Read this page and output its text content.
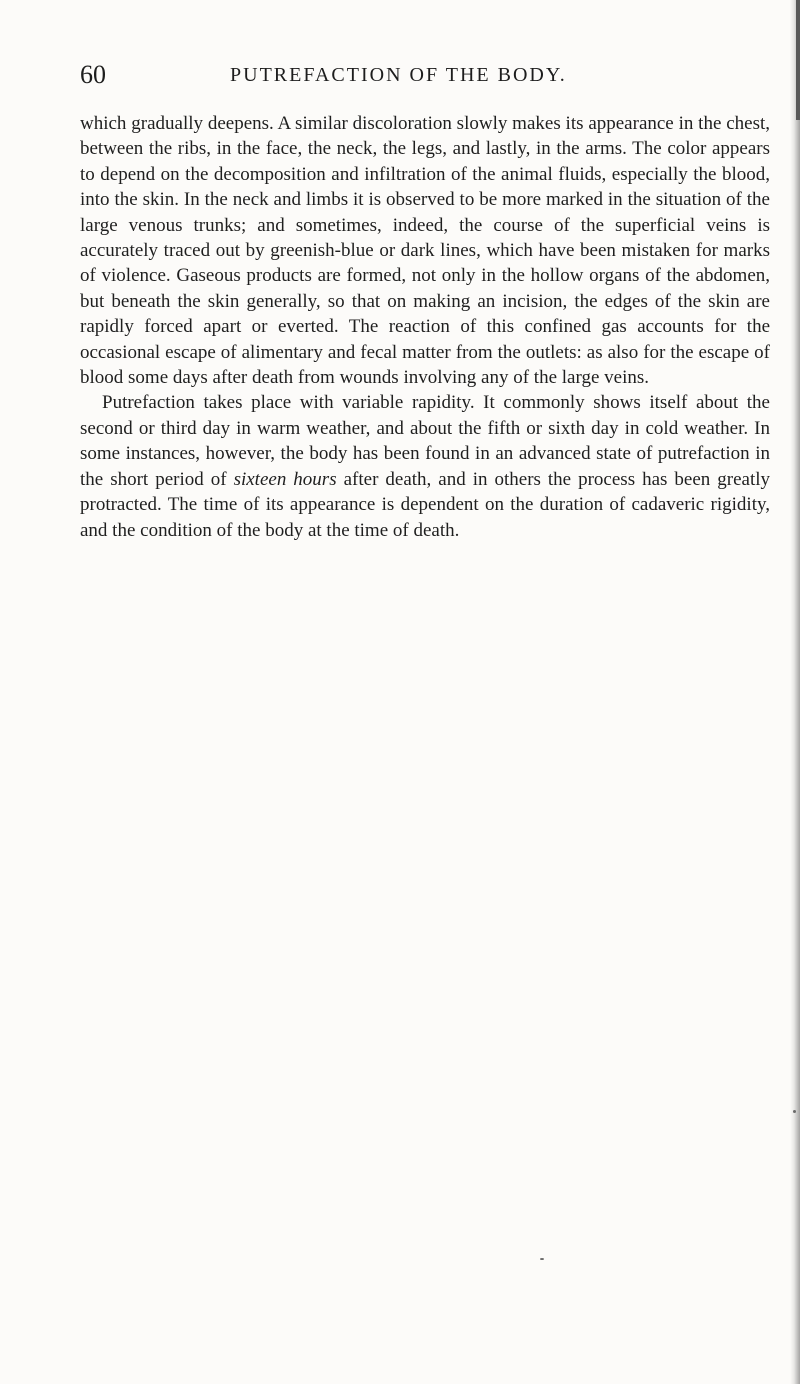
60	PUTREFACTION OF THE BODY.

which gradually deepens. A similar discoloration slowly makes its appearance in the chest, between the ribs, in the face, the neck, the legs, and lastly, in the arms. The color appears to depend on the decomposition and infiltration of the animal fluids, especially the blood, into the skin. In the neck and limbs it is observed to be more marked in the situation of the large venous trunks; and sometimes, indeed, the course of the superficial veins is accurately traced out by greenish-blue or dark lines, which have been mistaken for marks of violence. Gaseous products are formed, not only in the hollow organs of the abdomen, but beneath the skin generally, so that on making an incision, the edges of the skin are rapidly forced apart or everted. The reaction of this confined gas accounts for the occasional escape of alimentary and fecal matter from the outlets: as also for the escape of blood some days after death from wounds involving any of the large veins.

Putrefaction takes place with variable rapidity. It commonly shows itself about the second or third day in warm weather, and about the fifth or sixth day in cold weather. In some instances, however, the body has been found in an advanced state of putrefaction in the short period of sixteen hours after death, and in others the process has been greatly protracted. The time of its appearance is dependent on the duration of cadaveric rigidity, and the condition of the body at the time of death.
